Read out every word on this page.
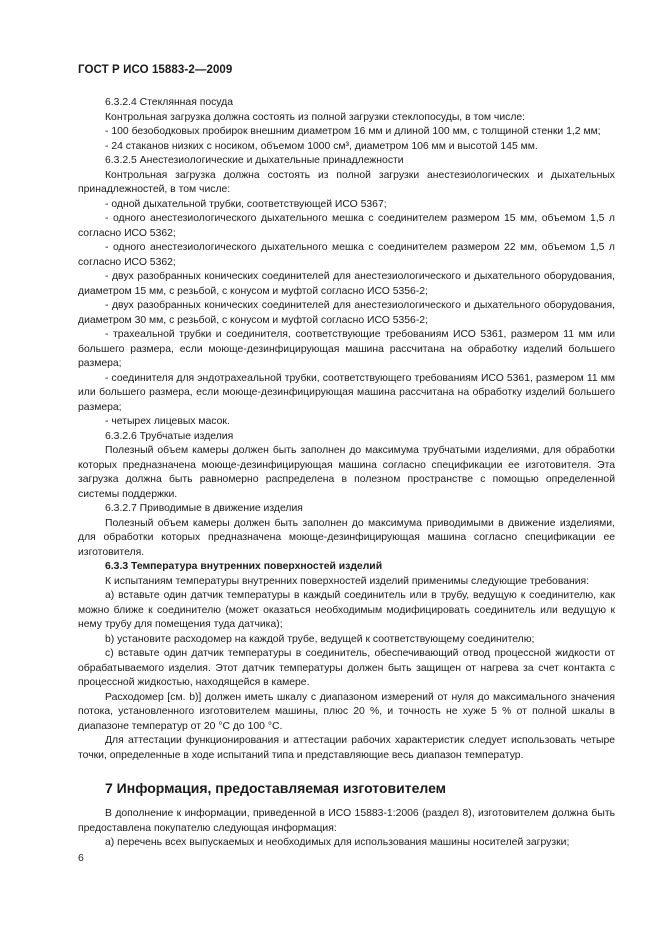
ГОСТ Р ИСО 15883-2—2009

6.3.2.4 Стеклянная посуда

Контрольная загрузка должна состоять из полной загрузки стеклопосуды, в том числе:

- 100 безободковых пробирок внешним диаметром 16 мм и длиной 100 мм, с толщиной стенки 1,2 мм;

- 24 стаканов низких с носиком, объемом 1000 см³, диаметром 106 мм и высотой 145 мм.

6.3.2.5 Анестезиологические и дыхательные принадлежности

Контрольная загрузка должна состоять из полной загрузки анестезиологических и дыхательных принадлежностей, в том числе:

- одной дыхательной трубки, соответствующей ИСО 5367;

- одного анестезиологического дыхательного мешка с соединителем размером 15 мм, объемом 1,5 л согласно ИСО 5362;

- одного анестезиологического дыхательного мешка с соединителем размером 22 мм, объемом 1,5 л согласно ИСО 5362;

- двух разобранных конических соединителей для анестезиологического и дыхательного оборудования, диаметром 15 мм, с резьбой, с конусом и муфтой согласно ИСО 5356-2;

- двух разобранных конических соединителей для анестезиологического и дыхательного оборудования, диаметром 30 мм, с резьбой, с конусом и муфтой согласно ИСО 5356-2;

- трахеальной трубки и соединителя, соответствующие требованиям ИСО 5361, размером 11 мм или большего размера, если моюще-дезинфицирующая машина рассчитана на обработку изделий большего размера;

- соединителя для эндотрахеальной трубки, соответствующего требованиям ИСО 5361, размером 11 мм или большего размера, если моюще-дезинфицирующая машина рассчитана на обработку изделий большего размера;

- четырех лицевых масок.

6.3.2.6 Трубчатые изделия

Полезный объем камеры должен быть заполнен до максимума трубчатыми изделиями, для обработки которых предназначена моюще-дезинфицирующая машина согласно спецификации ее изготовителя. Эта загрузка должна быть равномерно распределена в полезном пространстве с помощью определенной системы поддержки.

6.3.2.7 Приводимые в движение изделия

Полезный объем камеры должен быть заполнен до максимума приводимыми в движение изделиями, для обработки которых предназначена моюще-дезинфицирующая машина согласно спецификации ее изготовителя.

6.3.3 Температура внутренних поверхностей изделий

К испытаниям температуры внутренних поверхностей изделий применимы следующие требования:

a) вставьте один датчик температуры в каждый соединитель или в трубу, ведущую к соединителю, как можно ближе к соединителю (может оказаться необходимым модифицировать соединитель или ведущую к нему трубу для помещения туда датчика);

b) установите расходомер на каждой трубе, ведущей к соответствующему соединителю;

c) вставьте один датчик температуры в соединитель, обеспечивающий отвод процессной жидкости от обрабатываемого изделия. Этот датчик температуры должен быть защищен от нагрева за счет контакта с процессной жидкостью, находящейся в камере.

Расходомер [см. b)] должен иметь шкалу с диапазоном измерений от нуля до максимального значения потока, установленного изготовителем машины, плюс 20 %, и точность не хуже 5 % от полной шкалы в диапазоне температур от 20 °С до 100 °С.

Для аттестации функционирования и аттестации рабочих характеристик следует использовать четыре точки, определенные в ходе испытаний типа и представляющие весь диапазон температур.

7 Информация, предоставляемая изготовителем

В дополнение к информации, приведенной в ИСО 15883-1:2006 (раздел 8), изготовителем должна быть предоставлена покупателю следующая информация:

a) перечень всех выпускаемых и необходимых для использования машины носителей загрузки;

6
